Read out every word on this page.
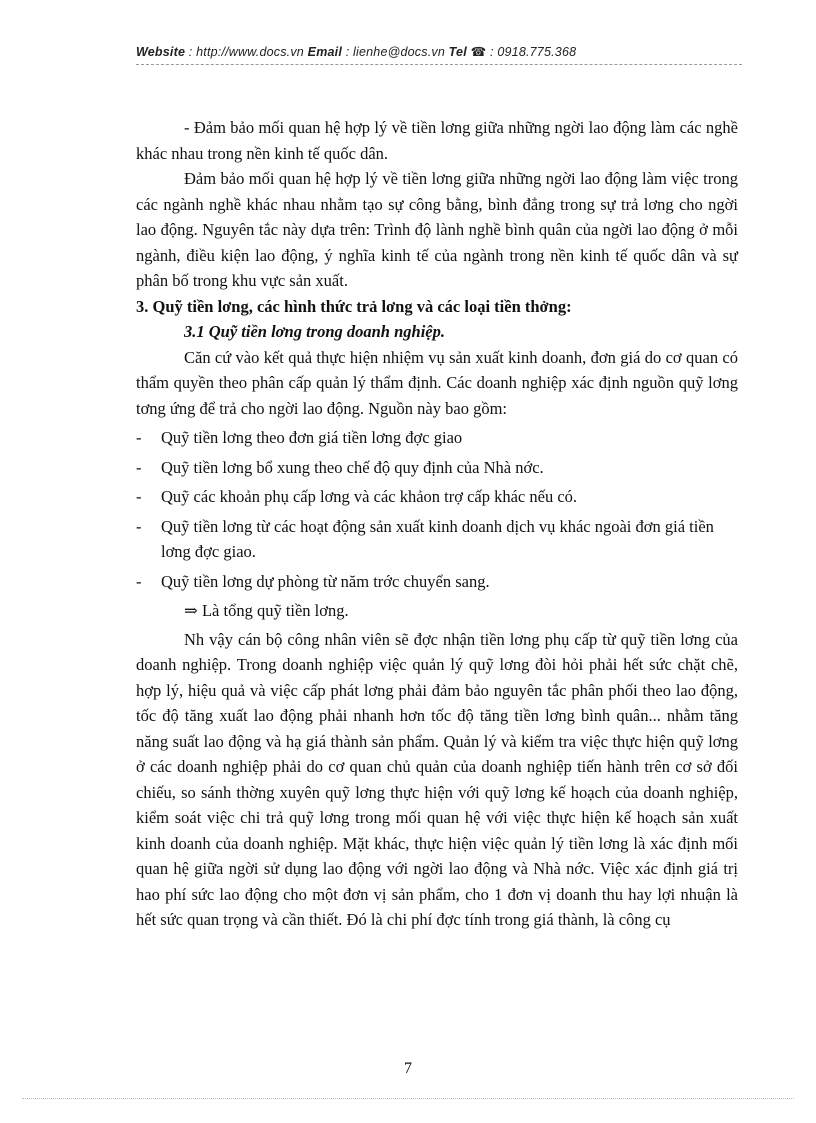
Website : http://www.docs.vn Email : lienhe@docs.vn Tel ☎ : 0918.775.368

- Đảm bảo mối quan hệ hợp lý về tiền lơng giữa những ngời lao động làm các nghề khác nhau trong nền kinh tế quốc dân.

Đảm bảo mối quan hệ hợp lý về tiền lơng giữa những ngời lao động làm việc trong các ngành nghề khác nhau nhằm tạo sự công bằng, bình đẳng trong sự trả lơng cho ngời lao động. Nguyên tắc này dựa trên: Trình độ lành nghề bình quân của ngời lao động ở mỗi ngành, điều kiện lao động, ý nghĩa kinh tế của ngành trong nền kinh tế quốc dân và sự phân bố trong khu vực sản xuất.

3. Quỹ tiền lơng, các hình thức trả lơng và các loại tiền thởng:

3.1 Quỹ tiền lơng trong doanh nghiệp.

Căn cứ vào kết quả thực hiện nhiệm vụ sản xuất kinh doanh, đơn giá do cơ quan có thẩm quyền theo phân cấp quản lý thẩm định. Các doanh nghiệp xác định nguồn quỹ lơng tơng ứng để trả cho ngời lao động. Nguồn này bao gồm:

- Quỹ tiền lơng theo đơn giá tiền lơng đợc giao
- Quỹ tiền lơng bổ xung theo chế độ quy định của Nhà nớc.
- Quỹ các khoản phụ cấp lơng và các khảon trợ cấp khác nếu có.
- Quỹ tiền lơng từ các hoạt động sản xuất kinh doanh dịch vụ khác ngoài đơn giá tiền lơng đợc giao.
- Quỹ tiền lơng dự phòng từ năm trớc chuyển sang.

⇒ Là tổng quỹ tiền lơng.

Nh vậy cán bộ công nhân viên sẽ đợc nhận tiền lơng phụ cấp từ quỹ tiền lơng của doanh nghiệp. Trong doanh nghiệp việc quản lý quỹ lơng đòi hỏi phải hết sức chặt chẽ, hợp lý, hiệu quả và việc cấp phát lơng phải đảm bảo nguyên tắc phân phối theo lao động, tốc độ tăng xuất lao động phải nhanh hơn tốc độ tăng tiền lơng bình quân... nhằm tăng năng suất lao động và hạ giá thành sản phẩm. Quản lý và kiểm tra việc thực hiện quỹ lơng ở các doanh nghiệp phải do cơ quan chủ quản của doanh nghiệp tiến hành trên cơ sở đối chiếu, so sánh thờng xuyên quỹ lơng thực hiện với quỹ lơng kế hoạch của doanh nghiệp, kiểm soát việc chi trả quỹ lơng trong mối quan hệ với việc thực hiện kế hoạch sản xuất kinh doanh của doanh nghiệp. Mặt khác, thực hiện việc quản lý tiền lơng là xác định mối quan hệ giữa ngời sử dụng lao động với ngời lao động và Nhà nớc. Việc xác định giá trị hao phí sức lao động cho một đơn vị sản phẩm, cho 1 đơn vị doanh thu hay lợi nhuận là hết sức quan trọng và cần thiết. Đó là chi phí đợc tính trong giá thành, là công cụ

7
